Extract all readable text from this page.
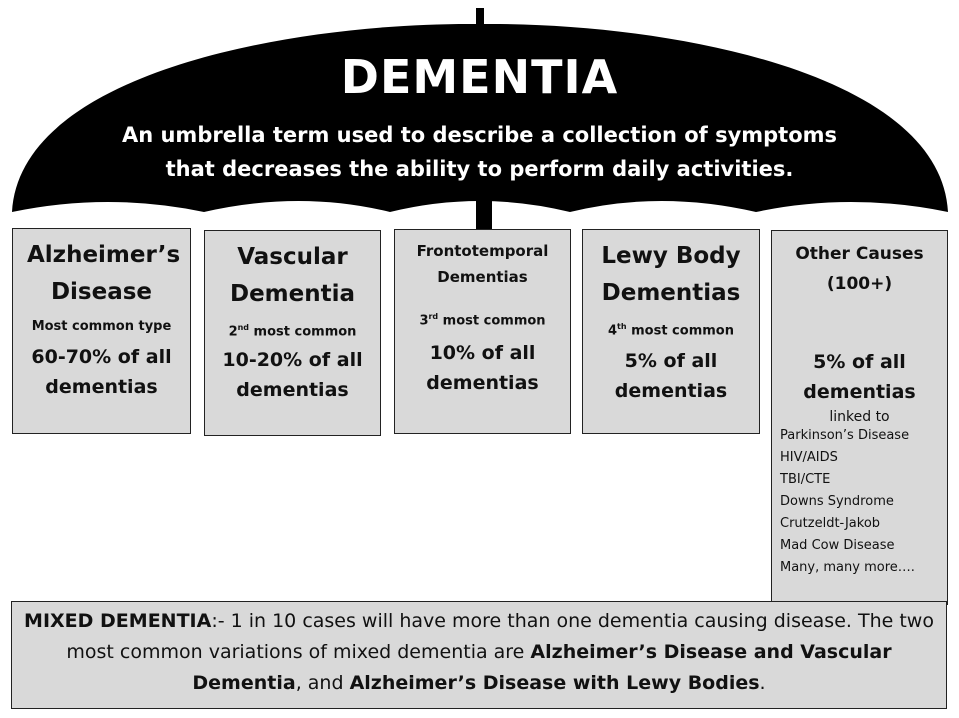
DEMENTIA
An umbrella term used to describe a collection of symptoms
that decreases the ability to perform daily activities.
Alzheimer’s Disease
Most common type
60-70% of all
dementias
Vascular Dementia
2nd most common
10-20% of all
dementias
Frontotemporal Dementias
3rd most common
10% of all
dementias
Lewy Body Dementias
4th most common
5% of all
dementias
Other Causes (100+)
5% of all
dementias
linked to
Parkinson’s Disease
HIV/AIDS
TBI/CTE
Downs Syndrome
Crutzeldt-Jakob
Mad Cow Disease
Many, many more….
MIXED DEMENTIA:- 1 in 10 cases will have more than one dementia causing disease. The two most common variations of mixed dementia are Alzheimer’s Disease and Vascular Dementia, and Alzheimer’s Disease with Lewy Bodies.
